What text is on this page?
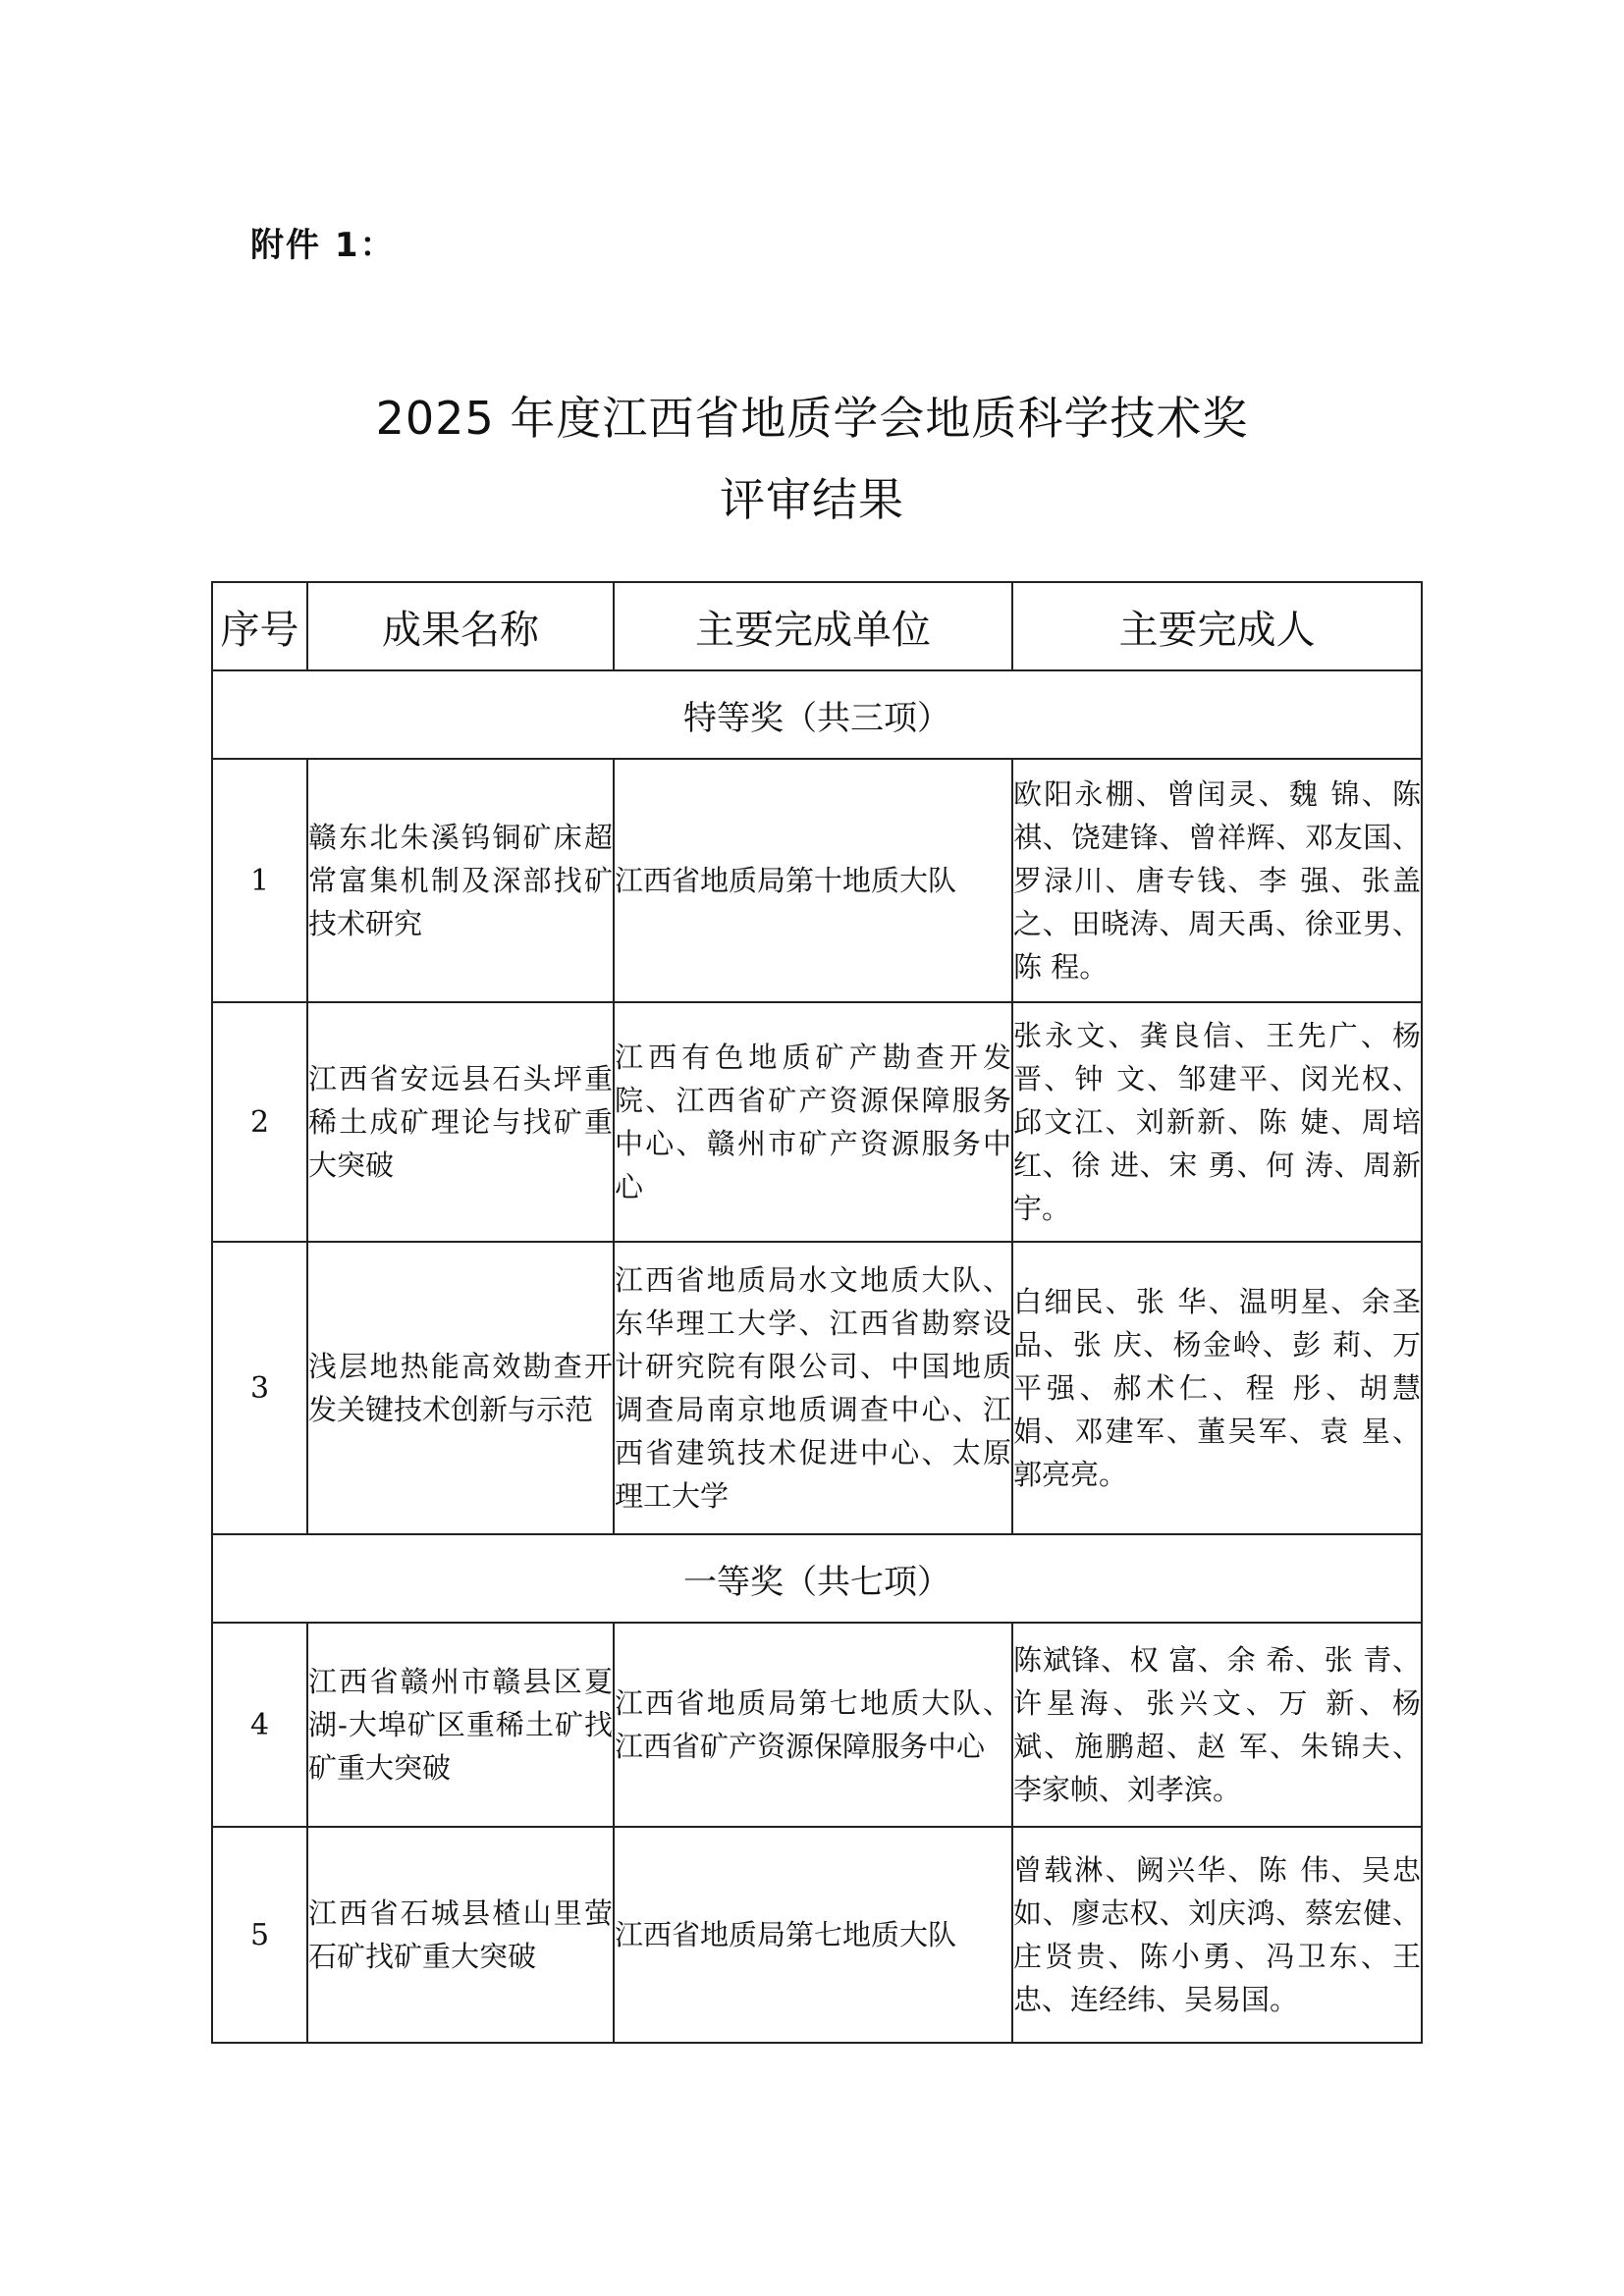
附件 1：
2025 年度江西省地质学会地质科学技术奖
评审结果
序号	成果名称	主要完成单位	主要完成人
特等奖（共三项）			
1	赣东北朱溪钨铜矿床超常富集机制及深部找矿技术研究	江西省地质局第十地质大队	欧阳永棚、曾闰灵、魏 锦、陈 祺、饶建锋、曾祥辉、邓友国、罗渌川、唐专钱、李 强、张盖之、田晓涛、周天禹、徐亚男、陈 程。
2	江西省安远县石头坪重稀土成矿理论与找矿重大突破	江西有色地质矿产勘查开发院、江西省矿产资源保障服务中心、赣州市矿产资源服务中心	张永文、龚良信、王先广、杨 晋、钟 文、邹建平、闵光权、邱文江、刘新新、陈 婕、周培红、徐 进、宋 勇、何 涛、周新宇。
3	浅层地热能高效勘查开发关键技术创新与示范	江西省地质局水文地质大队、东华理工大学、江西省勘察设计研究院有限公司、中国地质调查局南京地质调查中心、江西省建筑技术促进中心、太原理工大学	白细民、张 华、温明星、余圣品、张 庆、杨金岭、彭 莉、万平强、郝术仁、程 彤、胡慧娟、邓建军、董吴军、袁 星、郭亮亮。
一等奖（共七项）			
4	江西省赣州市赣县区夏湖-大埠矿区重稀土矿找矿重大突破	江西省地质局第七地质大队、江西省矿产资源保障服务中心	陈斌锋、权 富、余 希、张 青、许星海、张兴文、万 新、杨 斌、施鹏超、赵 军、朱锦夫、李家帧、刘孝滨。
5	江西省石城县楂山里萤石矿找矿重大突破	江西省地质局第七地质大队	曾载淋、阙兴华、陈 伟、吴忠如、廖志权、刘庆鸿、蔡宏健、庄贤贵、陈小勇、冯卫东、王 忠、连经纬、吴易国。
